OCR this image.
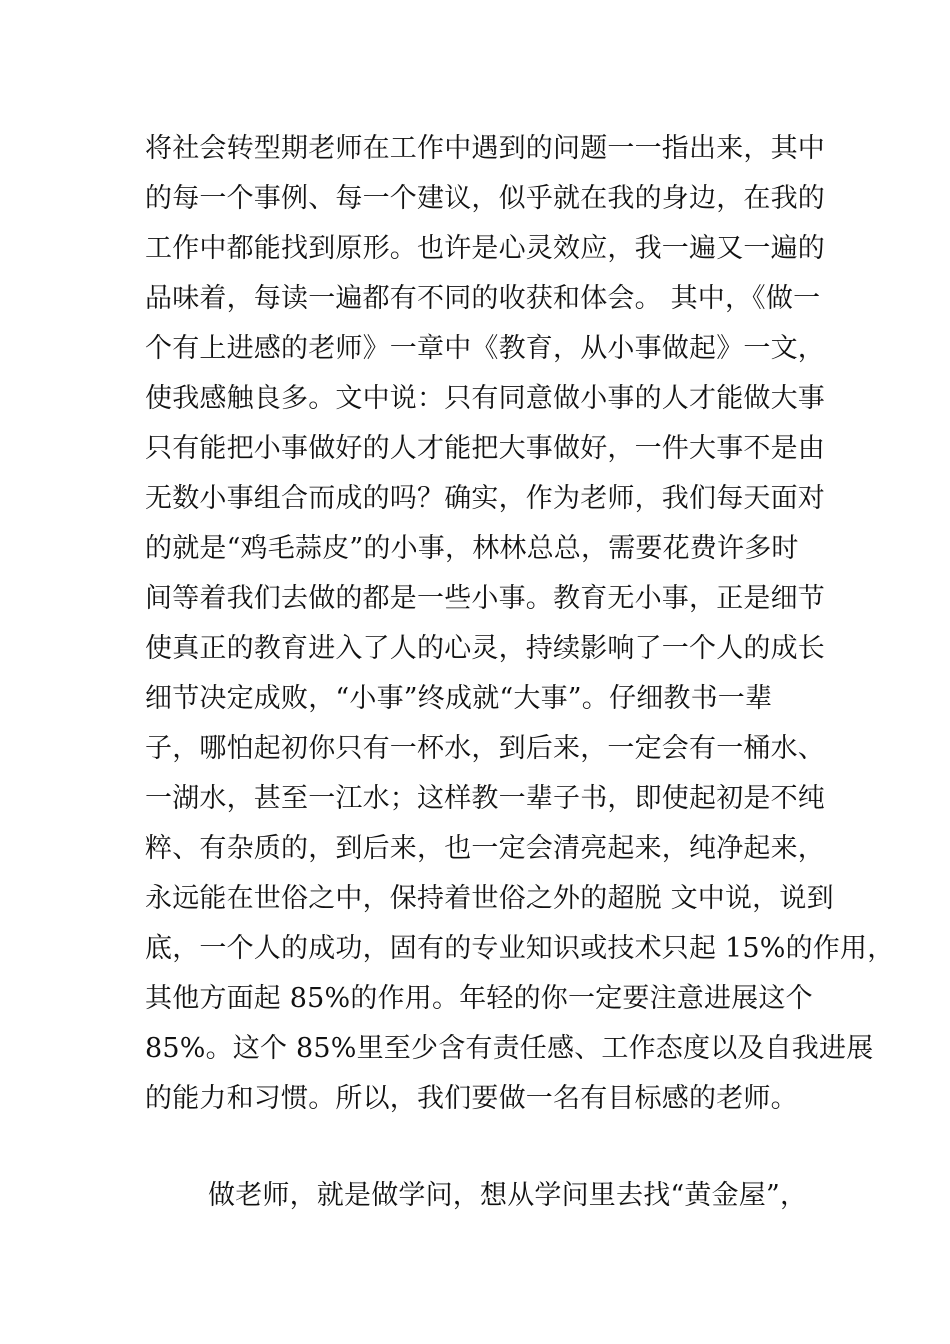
将社会转型期老师在工作中遇到的问题一一指出来，其中
的每一个事例、每一个建议，似乎就在我的身边，在我的
工作中都能找到原形。也许是心灵效应，我一遍又一遍的
品味着，每读一遍都有不同的收获和体会。 其中，《做一
个有上进感的老师》一章中《教育，从小事做起》一文，
使我感触良多。文中说：只有同意做小事的人才能做大事
只有能把小事做好的人才能把大事做好，一件大事不是由
无数小事组合而成的吗？确实，作为老师，我们每天面对
的就是“鸡毛蒜皮”的小事，林林总总，需要花费许多时
间等着我们去做的都是一些小事。教育无小事，正是细节
使真正的教育进入了人的心灵，持续影响了一个人的成长
细节决定成败，“小事”终成就“大事”。仔细教书一辈
子，哪怕起初你只有一杯水，到后来，一定会有一桶水、
一湖水，甚至一江水；这样教一辈子书，即使起初是不纯
粹、有杂质的，到后来，也一定会清亮起来，纯净起来，
永远能在世俗之中，保持着世俗之外的超脱 文中说，说到
底，一个人的成功，固有的专业知识或技术只起 15%的作用，
其他方面起 85%的作用。年轻的你一定要注意进展这个
85%。这个 85%里至少含有责任感、工作态度以及自我进展
的能力和习惯。所以，我们要做一名有目标感的老师。
做老师，就是做学问，想从学问里去找“黄金屋”，
